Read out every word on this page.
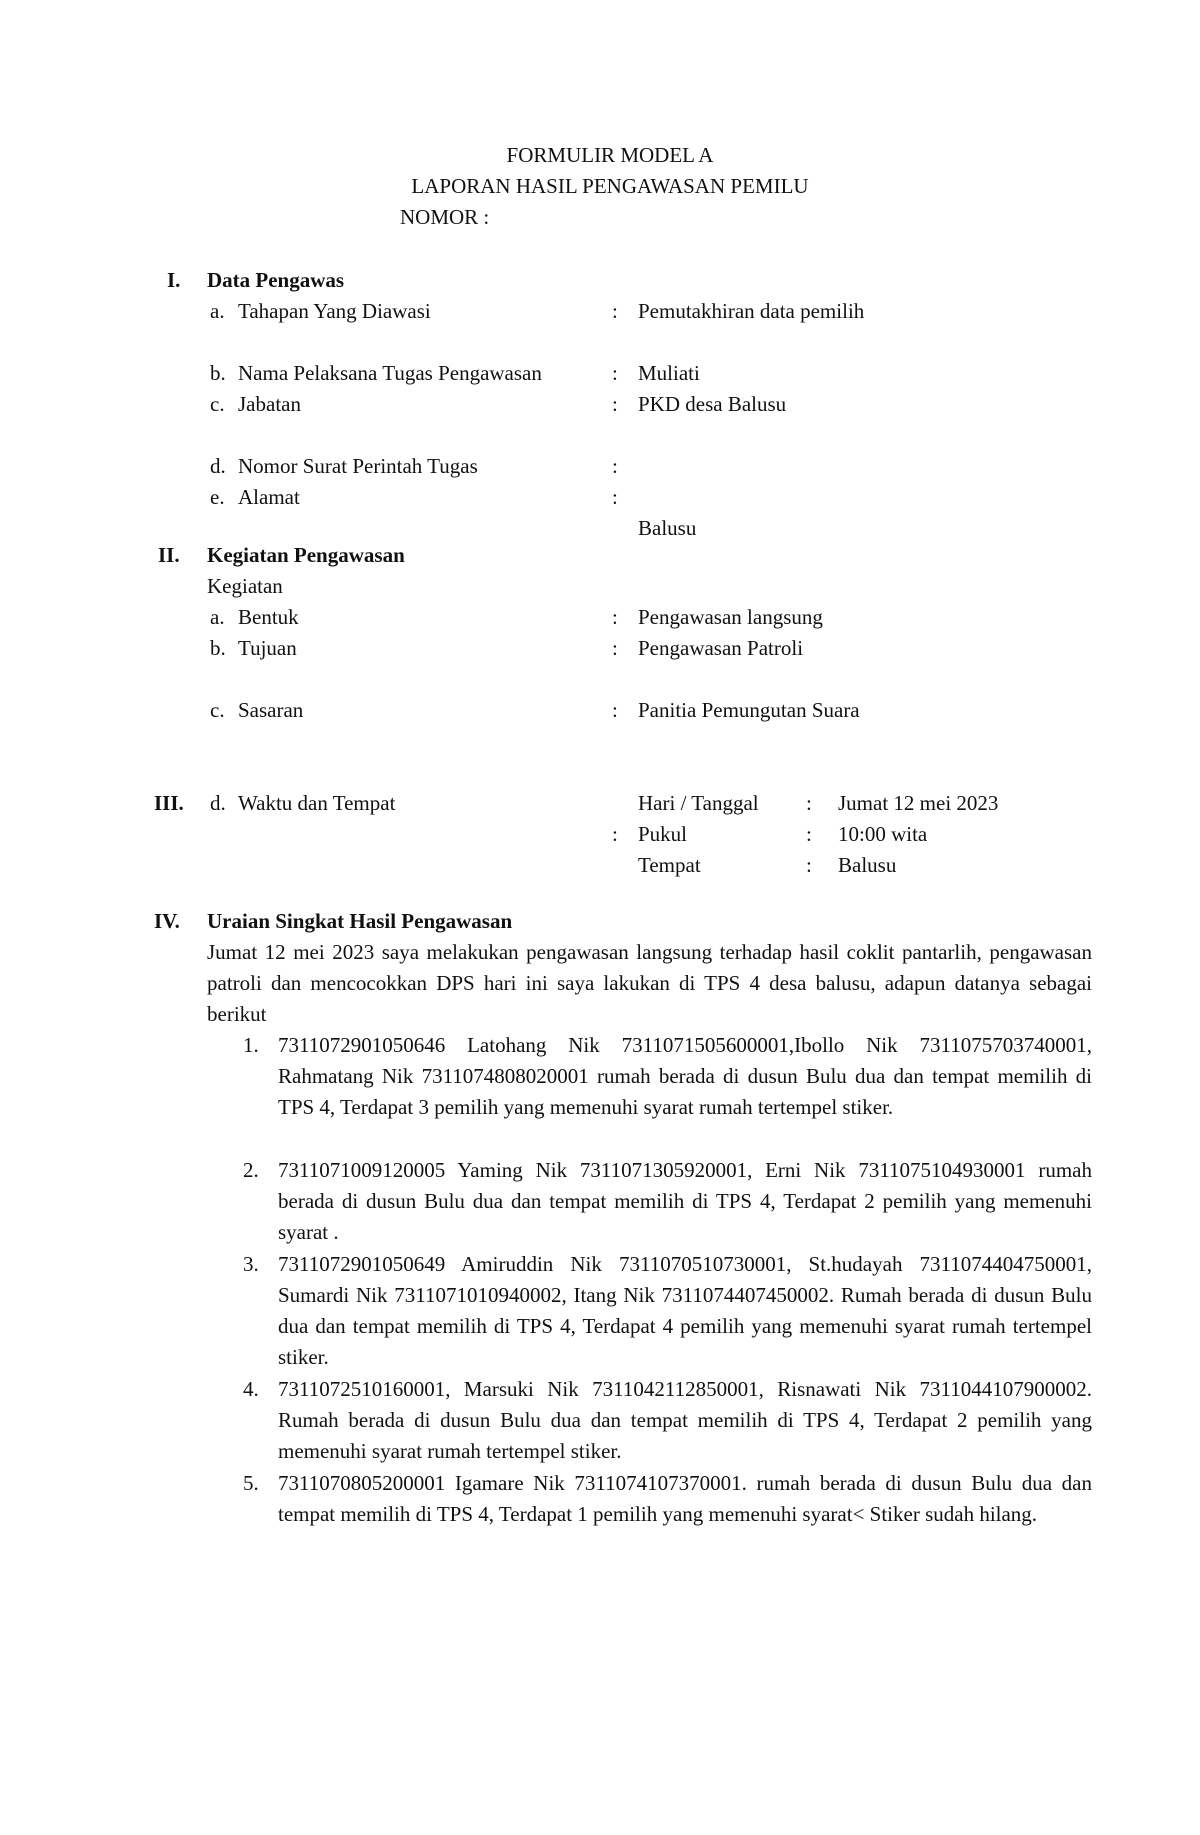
FORMULIR MODEL A
LAPORAN HASIL PENGAWASAN PEMILU
NOMOR :
I. Data Pengawas
a. Tahapan Yang Diawasi	: Pemutakhiran data pemilih
b. Nama Pelaksana Tugas Pengawasan	: Muliati
c. Jabatan	: PKD desa Balusu
d. Nomor Surat Perintah Tugas	:
e. Alamat	:
Balusu
II. Kegiatan Pengawasan
Kegiatan
a. Bentuk	: Pengawasan langsung
b. Tujuan	: Pengawasan Patroli
c. Sasaran	: Panitia Pemungutan Suara
III. d. Waktu dan Tempat
:
Hari / Tanggal : Jumat 12 mei 2023
Pukul	: 10:00 wita
Tempat	: Balusu
IV. Uraian Singkat Hasil Pengawasan
Jumat 12 mei 2023 saya melakukan pengawasan langsung terhadap hasil coklit pantarlih, pengawasan patroli dan mencocokkan DPS hari ini saya lakukan di TPS 4 desa balusu, adapun datanya sebagai berikut
1. 7311072901050646 Latohang Nik 7311071505600001,Ibollo Nik 7311075703740001, Rahmatang Nik 7311074808020001 rumah berada di dusun Bulu dua dan tempat memilih di TPS 4, Terdapat 3 pemilih yang memenuhi syarat rumah tertempel stiker.
2. 7311071009120005 Yaming Nik 7311071305920001, Erni Nik 7311075104930001 rumah berada di dusun Bulu dua dan tempat memilih di TPS 4, Terdapat 2 pemilih yang memenuhi syarat .
3. 7311072901050649 Amiruddin Nik 7311070510730001, St.hudayah 7311074404750001, Sumardi Nik 7311071010940002, Itang Nik 7311074407450002. Rumah berada di dusun Bulu dua dan tempat memilih di TPS 4, Terdapat 4 pemilih yang memenuhi syarat rumah tertempel stiker.
4. 7311072510160001, Marsuki Nik 7311042112850001, Risnawati Nik 7311044107900002. Rumah berada di dusun Bulu dua dan tempat memilih di TPS 4, Terdapat 2 pemilih yang memenuhi syarat rumah tertempel stiker.
5. 7311070805200001 Igamare Nik 7311074107370001. rumah berada di dusun Bulu dua dan tempat memilih di TPS 4, Terdapat 1 pemilih yang memenuhi syarat< Stiker sudah hilang.
